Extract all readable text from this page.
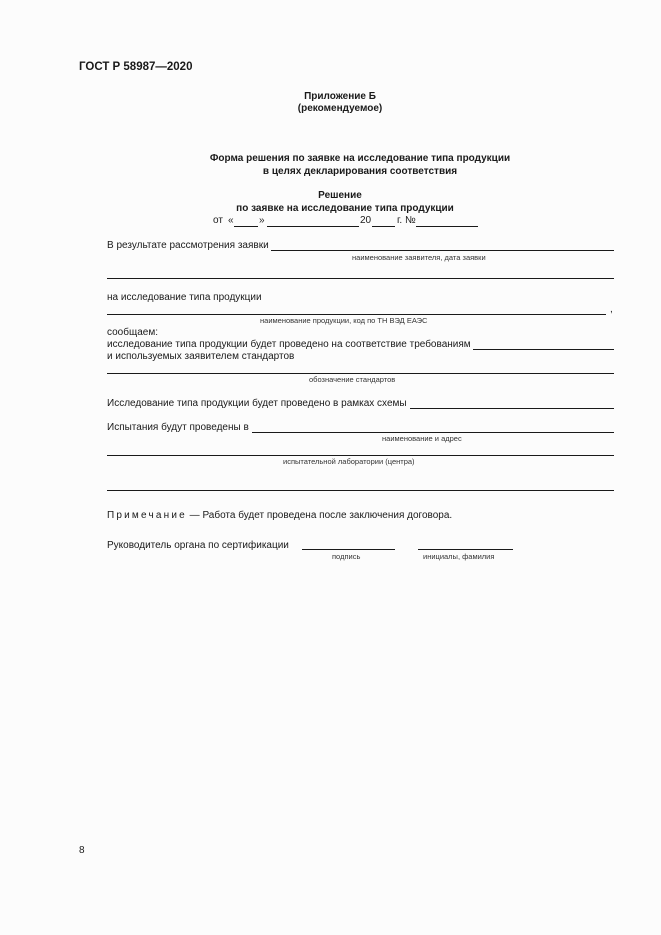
ГОСТ Р 58987—2020
Приложение Б
(рекомендуемое)
Форма решения по заявке на исследование типа продукции
в целях декларирования соответствия
Решение
по заявке на исследование типа продукции
от «	»	20	г. №
В результате рассмотрения заявки
наименование заявителя, дата заявки
на исследование типа продукции
,
наименование продукции, код по ТН ВЭД ЕАЭС
сообщаем:
исследование типа продукции будет проведено на соответствие требованиям
и используемых заявителем стандартов
обозначение стандартов
Исследование типа продукции будет проведено в рамках схемы
Испытания будут проведены в
наименование и адрес
испытательной лаборатории (центра)
Примечание — Работа будет проведена после заключения договора.
Руководитель органа по сертификации
подпись	инициалы, фамилия
8
